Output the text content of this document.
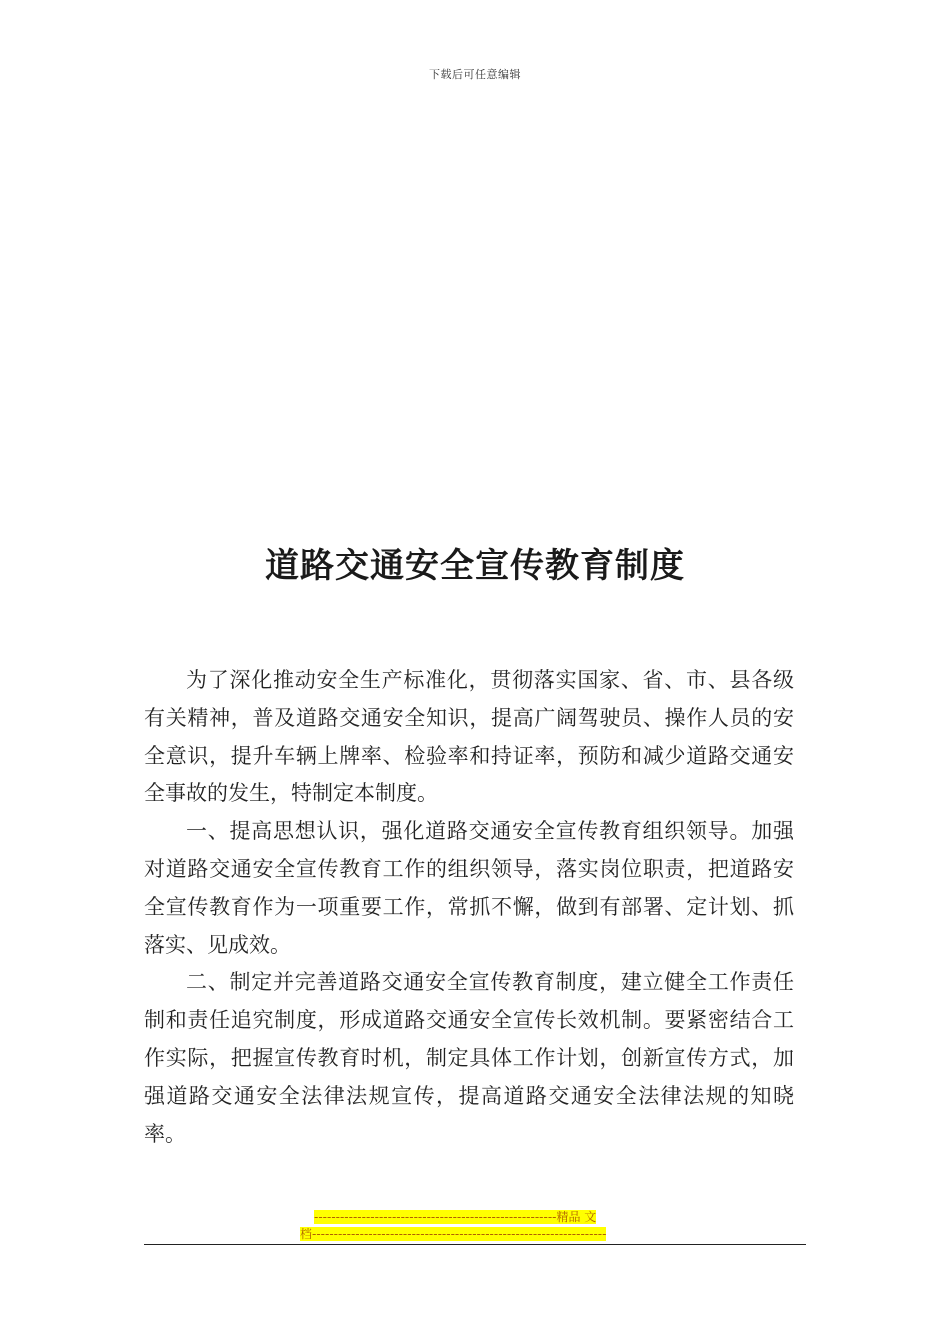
下载后可任意编辑
道路交通安全宣传教育制度

为了深化推动安全生产标准化，贯彻落实国家、省、市、县各级有关精神，普及道路交通安全知识，提高广阔驾驶员、操作人员的安全意识，提升车辆上牌率、检验率和持证率，预防和减少道路交通安全事故的发生，特制定本制度。

一、提高思想认识，强化道路交通安全宣传教育组织领导。加强对道路交通安全宣传教育工作的组织领导，落实岗位职责，把道路安全宣传教育作为一项重要工作，常抓不懈，做到有部署、定计划、抓落实、见成效。

二、制定并完善道路交通安全宣传教育制度，建立健全工作责任制和责任追究制度，形成道路交通安全宣传长效机制。要紧密结合工作实际，把握宣传教育时机，制定具体工作计划，创新宣传方式，加强道路交通安全法律法规宣传，提高道路交通安全法律法规的知晓率。

--------------------------------------------------------精品 文
档--------------------------------------------------------------------
